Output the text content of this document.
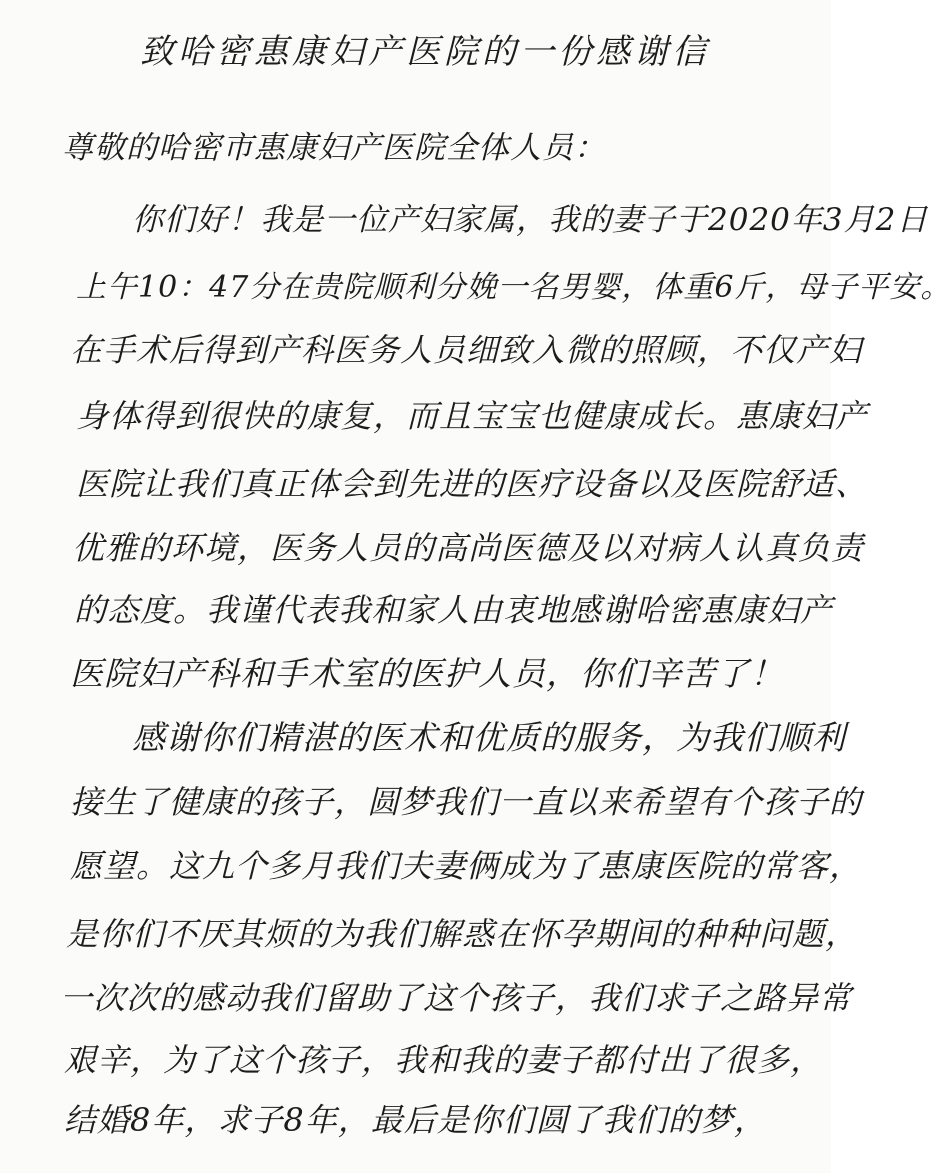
致哈密惠康妇产医院的一份感谢信
尊敬的哈密市惠康妇产医院全体人员：
你们好！我是一位产妇家属，我的妻子于2020年3月2日
上午10：47分在贵院顺利分娩一名男婴，体重6斤，母子平安。
在手术后得到产科医务人员细致入微的照顾，不仅产妇
身体得到很快的康复，而且宝宝也健康成长。惠康妇产
医院让我们真正体会到先进的医疗设备以及医院舒适、
优雅的环境，医务人员的高尚医德及以对病人认真负责
的态度。我谨代表我和家人由衷地感谢哈密惠康妇产
医院妇产科和手术室的医护人员，你们辛苦了！
感谢你们精湛的医术和优质的服务，为我们顺利
接生了健康的孩子，圆梦我们一直以来希望有个孩子的
愿望。这九个多月我们夫妻俩成为了惠康医院的常客，
是你们不厌其烦的为我们解惑在怀孕期间的种种问题，
一次次的感动我们留助了这个孩子，我们求子之路异常
艰辛，为了这个孩子，我和我的妻子都付出了很多，
结婚8年，求子8年，最后是你们圆了我们的梦，
